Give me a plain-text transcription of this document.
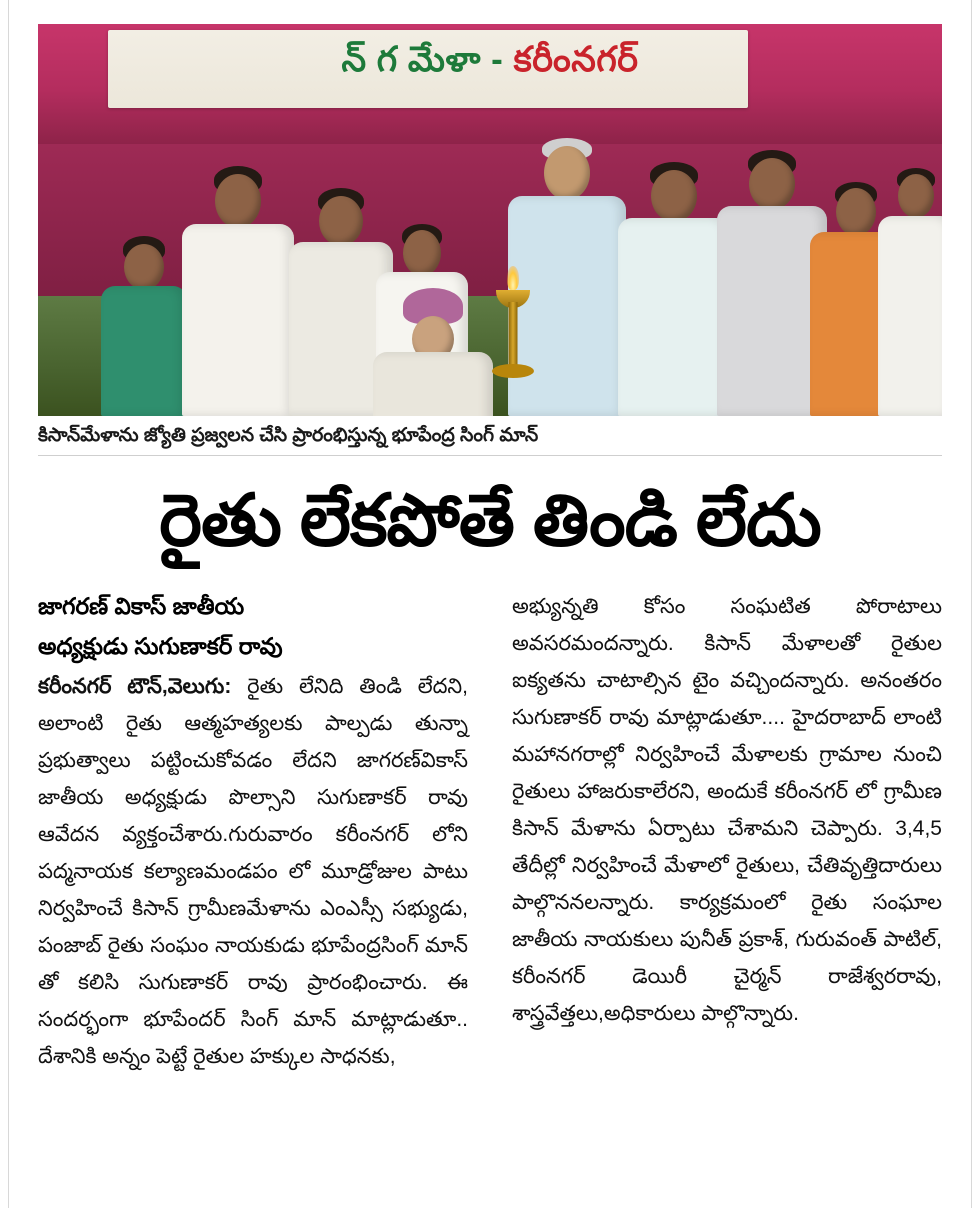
న్ గ మేళా - కరీంనగర్
కిసాన్‌మేళాను జ్యోతి ప్రజ్వలన చేసి ప్రారంభిస్తున్న భూపేంద్ర సింగ్ మాన్
రైతు లేకపోతే తిండి లేదు
జాగరణ్ వికాస్ జాతీయ
అధ్యక్షుడు సుగుణాకర్ రావు
కరీంనగర్ టౌన్,వెలుగు: రైతు లేనిది తిండి లేదని, అలాంటి రైతు ఆత్మహత్యలకు పాల్పడు తున్నా ప్రభుత్వాలు పట్టించుకోవడం లేదని జాగరణ్‌వికాస్ జాతీయ అధ్యక్షుడు పొల్సాని సుగుణాకర్ రావు ఆవేదన వ్యక్తంచేశారు.గురువారం కరీంనగర్ లోని పద్మనాయక కల్యాణమండపం లో మూడ్రోజుల పాటు నిర్వహించే కిసాన్ గ్రామీణమేళాను ఎంఎస్సీ సభ్యుడు, పంజాబ్ రైతు సంఘం నాయకుడు భూపేంద్రసింగ్ మాన్ తో కలిసి సుగుణాకర్ రావు ప్రారంభించారు. ఈ సందర్భంగా భూపేందర్ సింగ్ మాన్ మాట్లాడుతూ.. దేశానికి అన్నం పెట్టే రైతుల హక్కుల సాధనకు,
అభ్యున్నతి కోసం సంఘటిత పోరాటాలు అవసరమందన్నారు. కిసాన్ మేళాలతో రైతుల ఐక్యతను చాటాల్సిన టైం వచ్చిందన్నారు. అనంతరం సుగుణాకర్ రావు మాట్లాడుతూ.... హైదరాబాద్ లాంటి మహానగరాల్లో నిర్వహించే మేళాలకు గ్రామాల నుంచి రైతులు హాజరుకాలేరని, అందుకే కరీంనగర్ లో గ్రామీణ కిసాన్ మేళాను ఏర్పాటు చేశామని చెప్పారు. 3,4,5 తేదీల్లో నిర్వహించే మేళాలో రైతులు, చేతివృత్తిదారులు పాల్గొననలన్నారు. కార్యక్రమంలో రైతు సంఘాల జాతీయ నాయకులు పునీత్ ప్రకాశ్, గురువంత్ పాటిల్, కరీంనగర్ డెయిరీ చైర్మన్ రాజేశ్వరరావు, శాస్త్రవేత్తలు,అధికారులు పాల్గొన్నారు.
